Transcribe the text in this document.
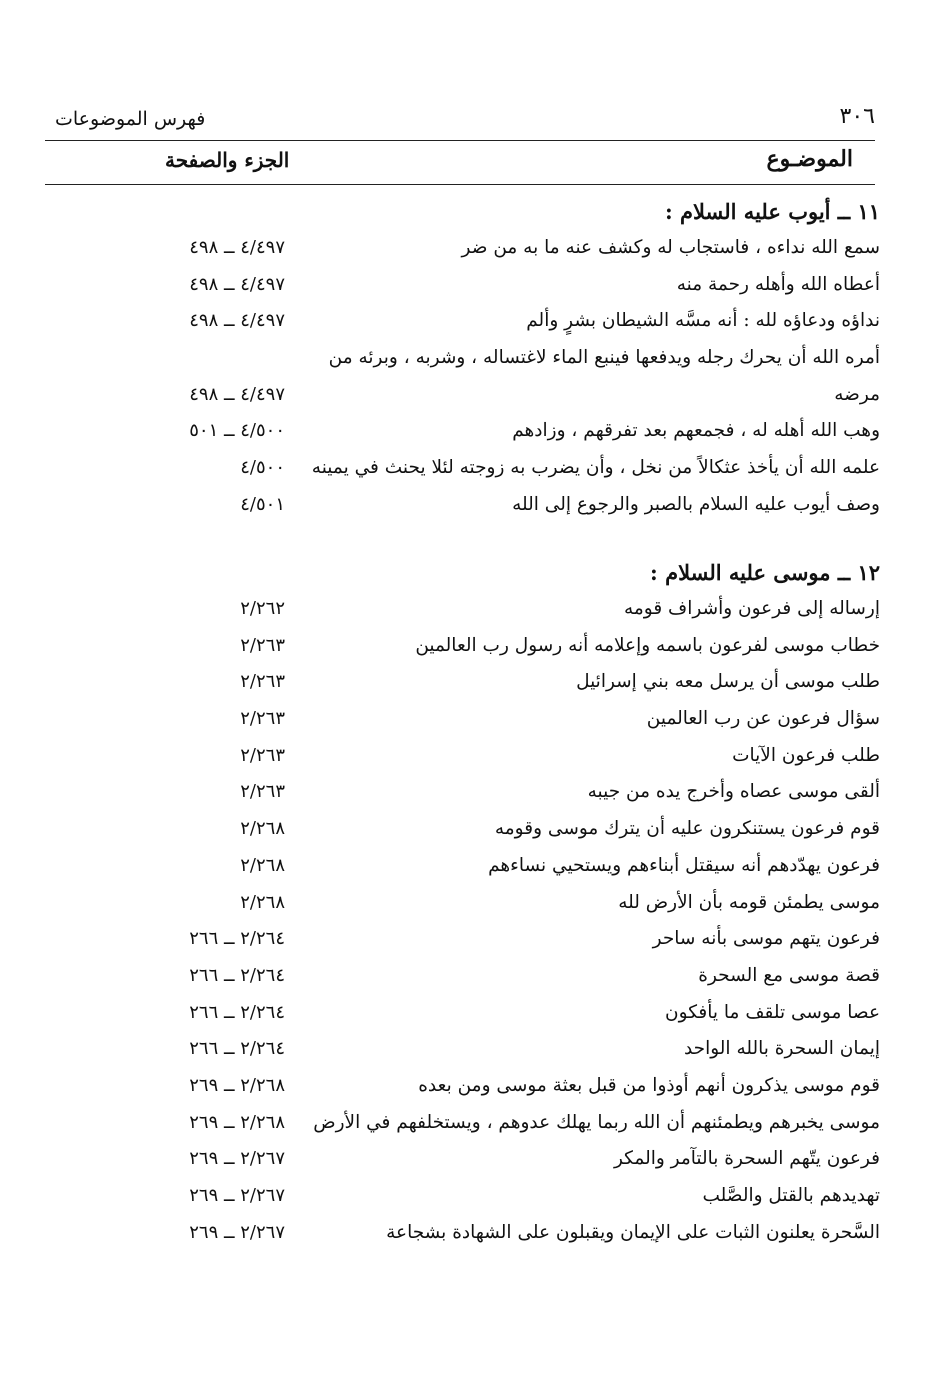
٣٠٦
فهرس الموضوعات
الموضـوع
الجزء والصفحة
١١ ــ أيوب عليه السلام :
سمع الله نداءه ، فاستجاب له وكشف عنه ما به من ضر
٤/٤٩٧ ــ ٤٩٨
أعطاه الله وأهله رحمة منه
٤/٤٩٧ ــ ٤٩٨
نداؤه ودعاؤه لله : أنه مسَّه الشيطان بشرٍ وألم
٤/٤٩٧ ــ ٤٩٨
أمره الله أن يحرك رجله ويدفعها فينبع الماء لاغتساله ، وشربه ، وبرئه من
مرضه
٤/٤٩٧ ــ ٤٩٨
وهب الله أهله له ، فجمعهم بعد تفرقهم ، وزادهم
٤/٥٠٠ ــ ٥٠١
علمه الله أن يأخذ عثكالاً من نخل ، وأن يضرب به زوجته لئلا يحنث في يمينه
٤/٥٠٠
وصف أيوب عليه السلام بالصبر والرجوع إلى الله
٤/٥٠١
١٢ ــ موسى عليه السلام :
إرساله إلى فرعون وأشراف قومه
٢/٢٦٢
خطاب موسى لفرعون باسمه وإعلامه أنه رسول رب العالمين
٢/٢٦٣
طلب موسى أن يرسل معه بني إسرائيل
٢/٢٦٣
سؤال فرعون عن رب العالمين
٢/٢٦٣
طلب فرعون الآيات
٢/٢٦٣
ألقى موسى عصاه وأخرج يده من جيبه
٢/٢٦٣
قوم فرعون يستنكرون عليه أن يترك موسى وقومه
٢/٢٦٨
فرعون يهدّدهم أنه سيقتل أبناءهم ويستحيي نساءهم
٢/٢٦٨
موسى يطمئن قومه بأن الأرض لله
٢/٢٦٨
فرعون يتهم موسى بأنه ساحر
٢/٢٦٤ ــ ٢٦٦
قصة موسى مع السحرة
٢/٢٦٤ ــ ٢٦٦
عصا موسى تلقف ما يأفكون
٢/٢٦٤ ــ ٢٦٦
إيمان السحرة بالله الواحد
٢/٢٦٤ ــ ٢٦٦
قوم موسى يذكرون أنهم أوذوا من قبل بعثة موسى ومن بعده
٢/٢٦٨ ــ ٢٦٩
موسى يخبرهم ويطمئنهم أن الله ربما يهلك عدوهم ، ويستخلفهم في الأرض
٢/٢٦٨ ــ ٢٦٩
فرعون يتّهم السحرة بالتآمر والمكر
٢/٢٦٧ ــ ٢٦٩
تهديدهم بالقتل والصَّلب
٢/٢٦٧ ــ ٢٦٩
السَّحرة يعلنون الثبات على الإيمان ويقبلون على الشهادة بشجاعة
٢/٢٦٧ ــ ٢٦٩
